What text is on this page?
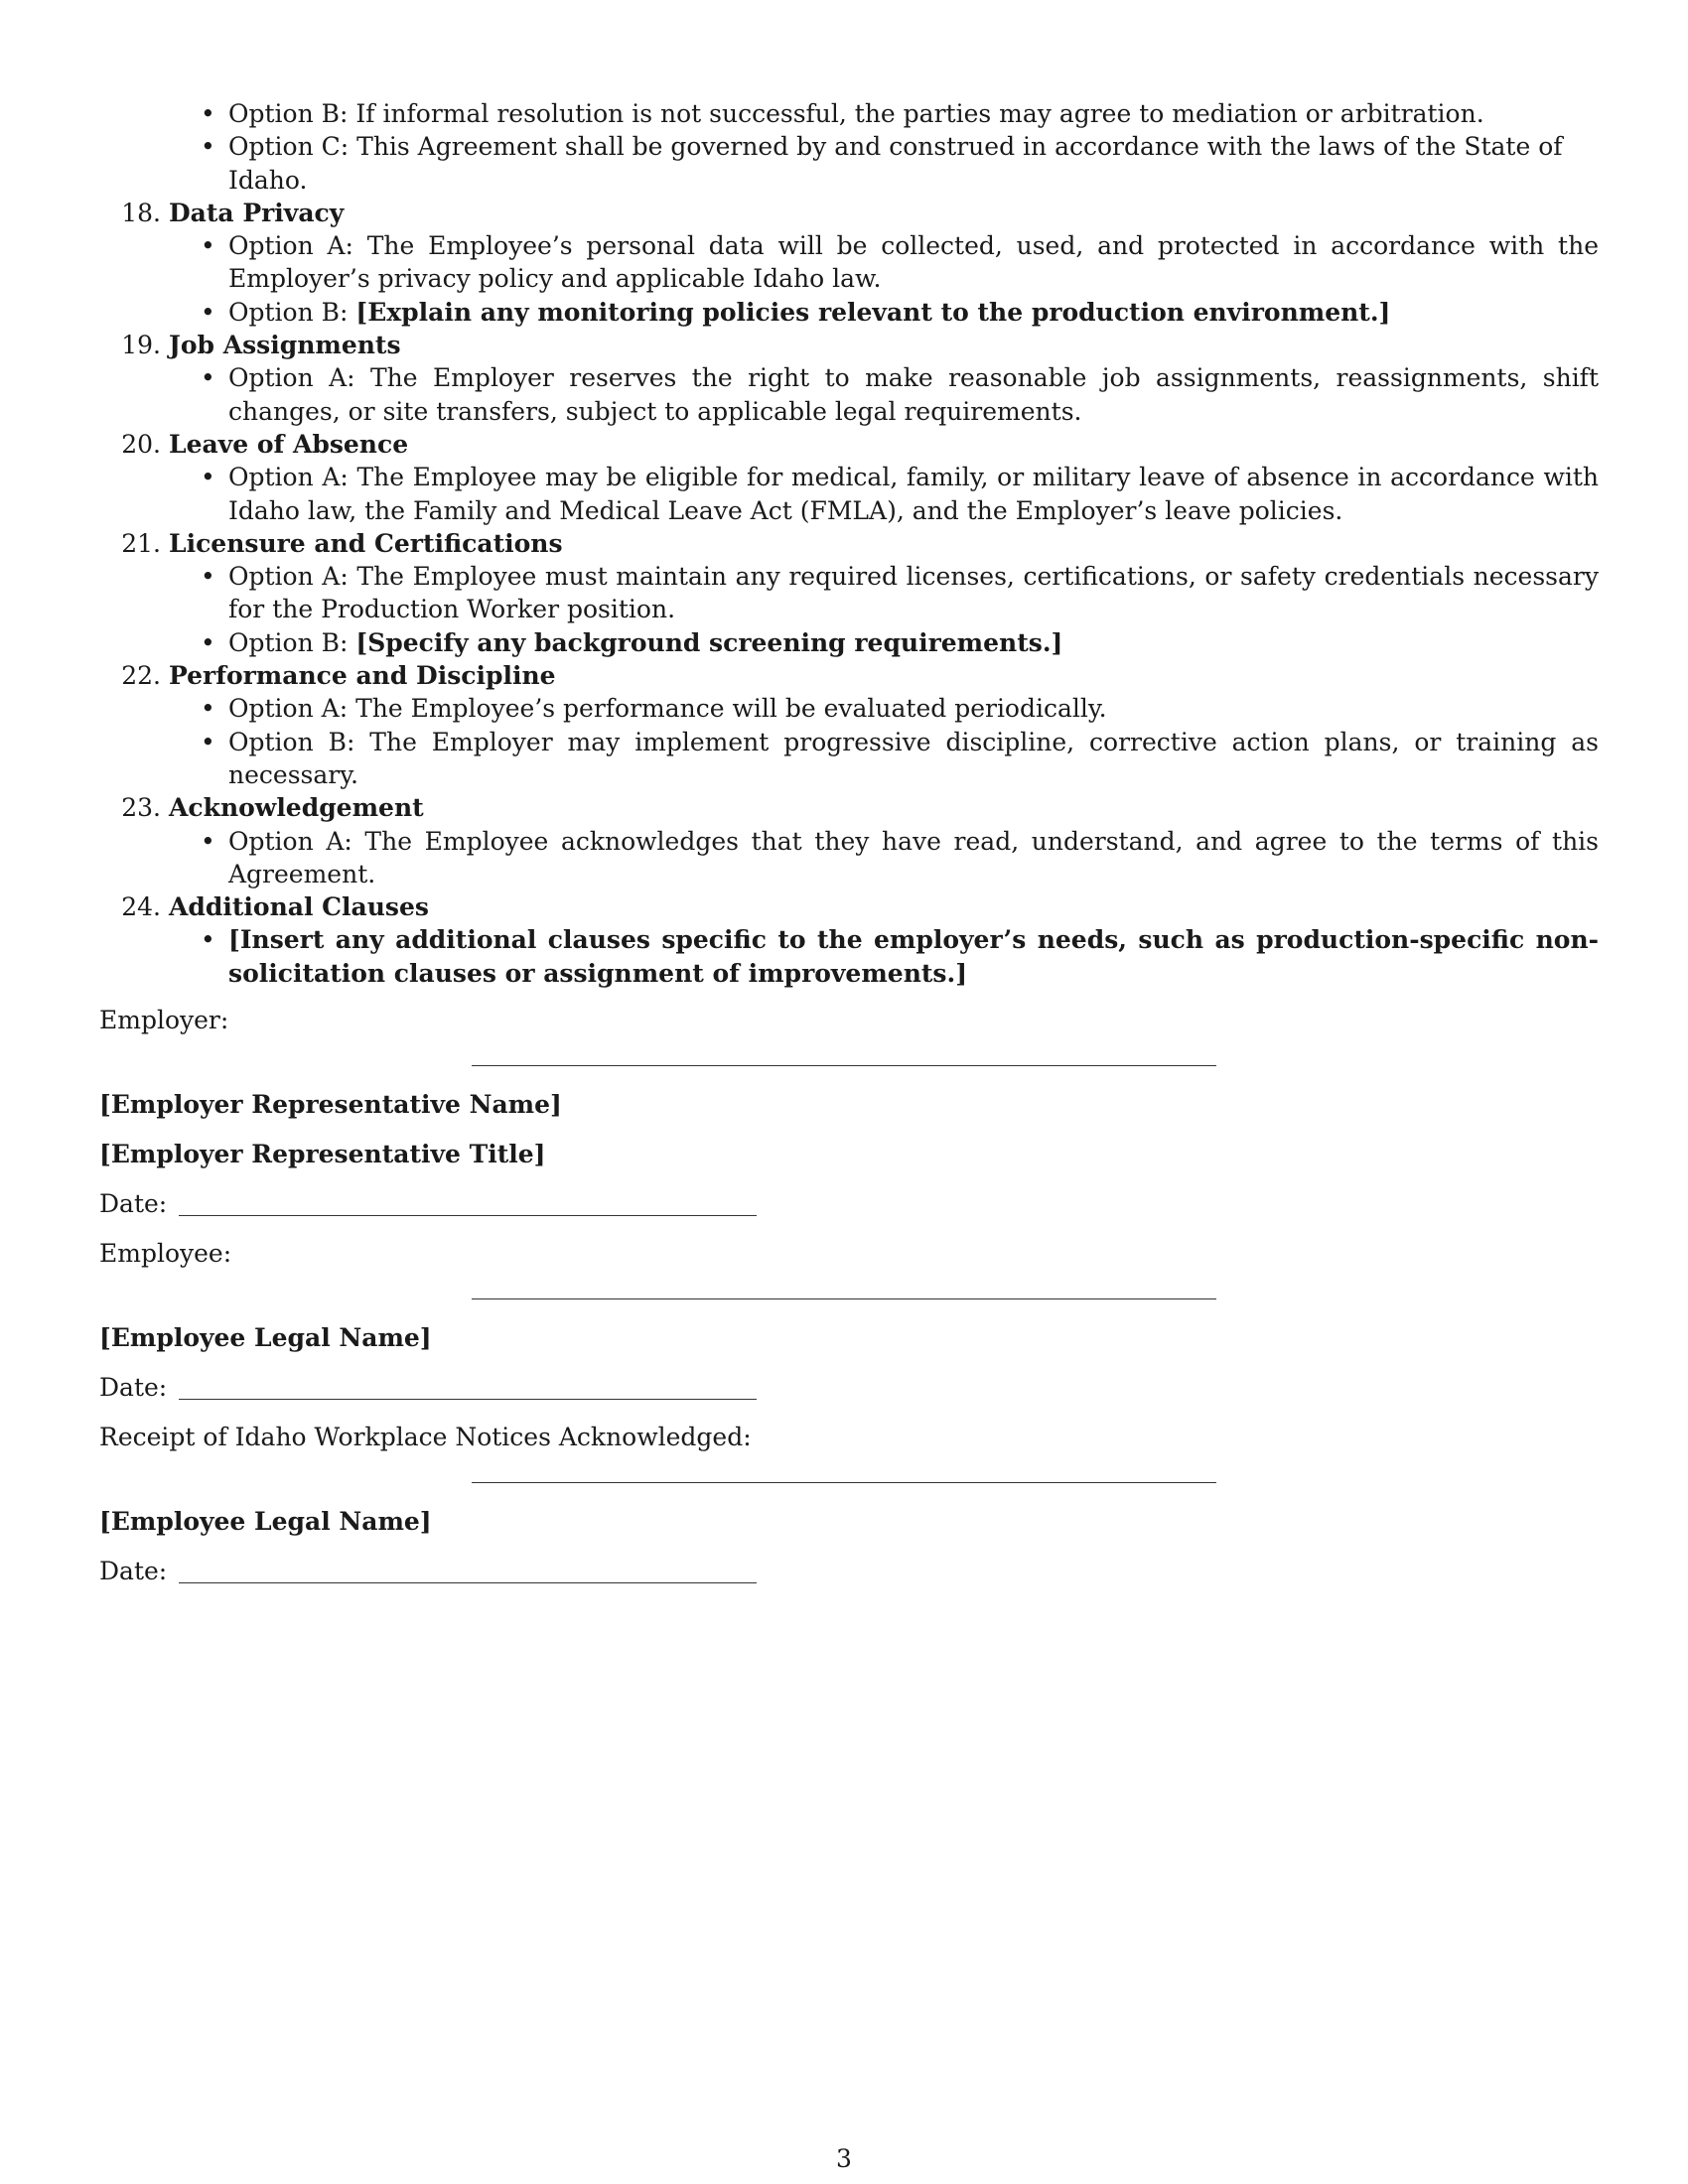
• Option B: If informal resolution is not successful, the parties may agree to mediation or arbitration.
• Option C: This Agreement shall be governed by and construed in accordance with the laws of the State of Idaho.
18. Data Privacy
• Option A: The Employee’s personal data will be collected, used, and protected in accordance with the Employer’s privacy policy and applicable Idaho law.
• Option B: [Explain any monitoring policies relevant to the production environment.]
19. Job Assignments
• Option A: The Employer reserves the right to make reasonable job assignments, reassignments, shift changes, or site transfers, subject to applicable legal requirements.
20. Leave of Absence
• Option A: The Employee may be eligible for medical, family, or military leave of absence in accordance with Idaho law, the Family and Medical Leave Act (FMLA), and the Employer’s leave policies.
21. Licensure and Certifications
• Option A: The Employee must maintain any required licenses, certifications, or safety credentials necessary for the Production Worker position.
• Option B: [Specify any background screening requirements.]
22. Performance and Discipline
• Option A: The Employee’s performance will be evaluated periodically.
• Option B: The Employer may implement progressive discipline, corrective action plans, or training as necessary.
23. Acknowledgement
• Option A: The Employee acknowledges that they have read, understand, and agree to the terms of this Agreement.
24. Additional Clauses
• [Insert any additional clauses specific to the employer’s needs, such as production-specific non-solicitation clauses or assignment of improvements.]
Employer:
[Employer Representative Name]
[Employer Representative Title]
Date:
Employee:
[Employee Legal Name]
Date:
Receipt of Idaho Workplace Notices Acknowledged:
[Employee Legal Name]
Date:
3
